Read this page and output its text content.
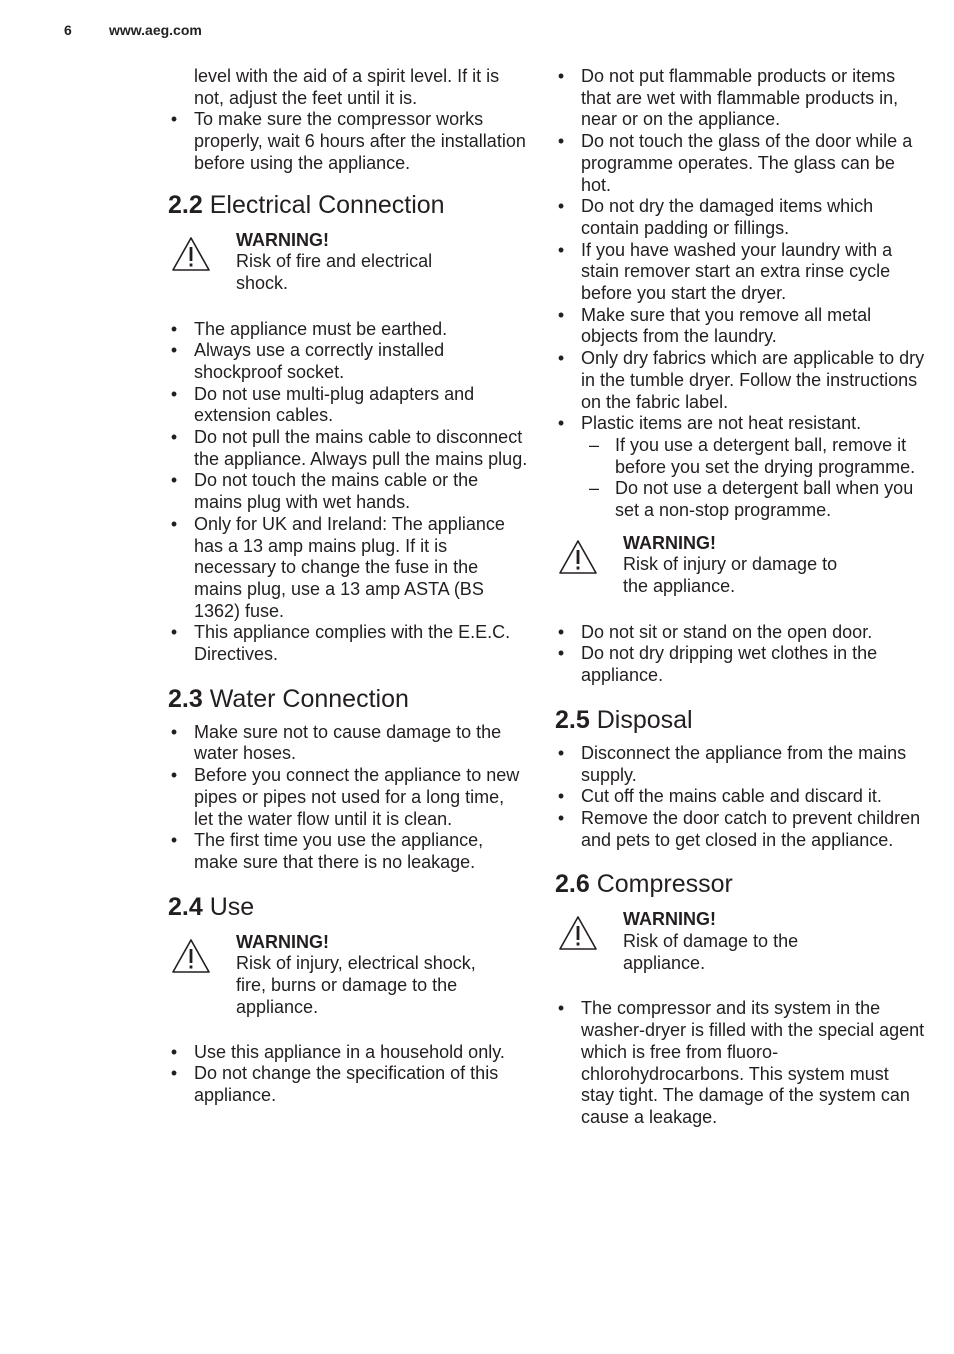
6	www.aeg.com

level with the aid of a spirit level. If it is not, adjust the feet until it is.

• To make sure the compressor works properly, wait 6 hours after the installation before using the appliance.
2.2 Electrical Connection
WARNING!
Risk of fire and electrical shock.
• The appliance must be earthed.
• Always use a correctly installed shockproof socket.
• Do not use multi-plug adapters and extension cables.
• Do not pull the mains cable to disconnect the appliance. Always pull the mains plug.
• Do not touch the mains cable or the mains plug with wet hands.
• Only for UK and Ireland: The appliance has a 13 amp mains plug. If it is necessary to change the fuse in the mains plug, use a 13 amp ASTA (BS 1362) fuse.
• This appliance complies with the E.E.C. Directives.
2.3 Water Connection
• Make sure not to cause damage to the water hoses.
• Before you connect the appliance to new pipes or pipes not used for a long time, let the water flow until it is clean.
• The first time you use the appliance, make sure that there is no leakage.
2.4 Use
WARNING!
Risk of injury, electrical shock, fire, burns or damage to the appliance.
• Use this appliance in a household only.
• Do not change the specification of this appliance.
• Do not put flammable products or items that are wet with flammable products in, near or on the appliance.
• Do not touch the glass of the door while a programme operates. The glass can be hot.
• Do not dry the damaged items which contain padding or fillings.
• If you have washed your laundry with a stain remover start an extra rinse cycle before you start the dryer.
• Make sure that you remove all metal objects from the laundry.
• Only dry fabrics which are applicable to dry in the tumble dryer. Follow the instructions on the fabric label.
• Plastic items are not heat resistant.
– If you use a detergent ball, remove it before you set the drying programme.
– Do not use a detergent ball when you set a non-stop programme.
WARNING!
Risk of injury or damage to the appliance.
• Do not sit or stand on the open door.
• Do not dry dripping wet clothes in the appliance.
2.5 Disposal
• Disconnect the appliance from the mains supply.
• Cut off the mains cable and discard it.
• Remove the door catch to prevent children and pets to get closed in the appliance.
2.6 Compressor
WARNING!
Risk of damage to the appliance.
• The compressor and its system in the washer-dryer is filled with the special agent which is free from fluoro-chlorohydrocarbons. This system must stay tight. The damage of the system can cause a leakage.
